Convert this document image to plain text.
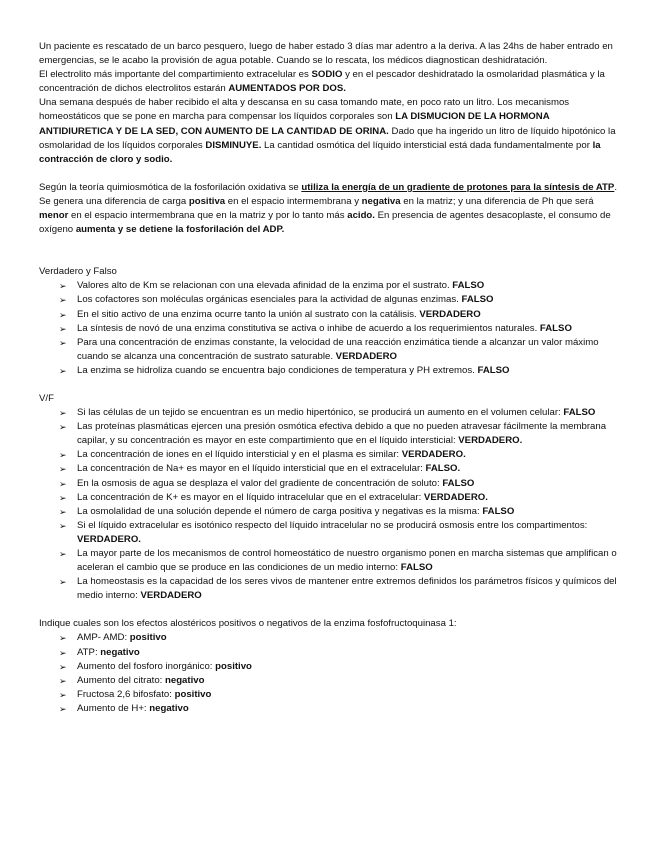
Un paciente es rescatado de un barco pesquero, luego de haber estado 3 días mar adentro a la deriva. A las 24hs de haber entrado en emergencias, se le acabo la provisión de agua potable. Cuando se lo rescata, los médicos diagnostican deshidratación.

El electrolito más importante del compartimiento extracelular es SODIO y en el pescador deshidratado la osmolaridad plasmática y la concentración de dichos electrolitos estarán AUMENTADOS POR DOS.

Una semana después de haber recibido el alta y descansa en su casa tomando mate, en poco rato un litro. Los mecanismos homeostáticos que se pone en marcha para compensar los líquidos corporales son LA DISMUCION DE LA HORMONA ANTIDIURETICA Y DE LA SED, CON AUMENTO DE LA CANTIDAD DE ORINA. Dado que ha ingerido un litro de líquido hipotónico la osmolaridad de los líquidos corporales DISMINUYE. La cantidad osmótica del líquido intersticial está dada fundamentalmente por la contracción de cloro y sodio.

Según la teoría quimiosmótica de la fosforilación oxidativa se utiliza la energía de un gradiente de protones para la síntesis de ATP. Se genera una diferencia de carga positiva en el espacio intermembrana y negativa en la matriz; y una diferencia de Ph que será menor en el espacio intermembrana que en la matriz y por lo tanto más acido. En presencia de agentes desacoplaste, el consumo de oxígeno aumenta y se detiene la fosforilación del ADP.

Verdadero y Falso

➢ Valores alto de Km se relacionan con una elevada afinidad de la enzima por el sustrato. FALSO
➢ Los cofactores son moléculas orgánicas esenciales para la actividad de algunas enzimas. FALSO
➢ En el sitio activo de una enzima ocurre tanto la unión al sustrato con la catálisis. VERDADERO
➢ La síntesis de novó de una enzima constitutiva se activa o inhibe de acuerdo a los requerimientos naturales. FALSO
➢ Para una concentración de enzimas constante, la velocidad de una reacción enzimática tiende a alcanzar un valor máximo cuando se alcanza una concentración de sustrato saturable. VERDADERO
➢ La enzima se hidroliza cuando se encuentra bajo condiciones de temperatura y PH extremos. FALSO

V/F

➢ Si las células de un tejido se encuentran es un medio hipertónico, se producirá un aumento en el volumen celular: FALSO
➢ Las proteínas plasmáticas ejercen una presión osmótica efectiva debido a que no pueden atravesar fácilmente la membrana capilar, y su concentración es mayor en este compartimiento que en el líquido intersticial: VERDADERO.
➢ La concentración de iones en el líquido intersticial y en el plasma es similar: VERDADERO.
➢ La concentración de Na+ es mayor en el líquido intersticial que en el extracelular: FALSO.
➢ En la osmosis de agua se desplaza el valor del gradiente de concentración de soluto: FALSO
➢ La concentración de K+ es mayor en el líquido intracelular que en el extracelular: VERDADERO.
➢ La osmolalidad de una solución depende el número de carga positiva y negativas es la misma: FALSO
➢ Si el líquido extracelular es isotónico respecto del líquido intracelular no se producirá osmosis entre los compartimentos: VERDADERO.
➢ La mayor parte de los mecanismos de control homeostático de nuestro organismo ponen en marcha sistemas que amplifican o aceleran el cambio que se produce en las condiciones de un medio interno: FALSO
➢ La homeostasis es la capacidad de los seres vivos de mantener entre extremos definidos los parámetros físicos y químicos del medio interno: VERDADERO

Indique cuales son los efectos alostéricos positivos o negativos de la enzima fosfofructoquinasa 1:

➢ AMP- AMD: positivo
➢ ATP: negativo
➢ Aumento del fosforo inorgánico: positivo
➢ Aumento del citrato: negativo
➢ Fructosa 2,6 bifosfato: positivo
➢ Aumento de H+: negativo
